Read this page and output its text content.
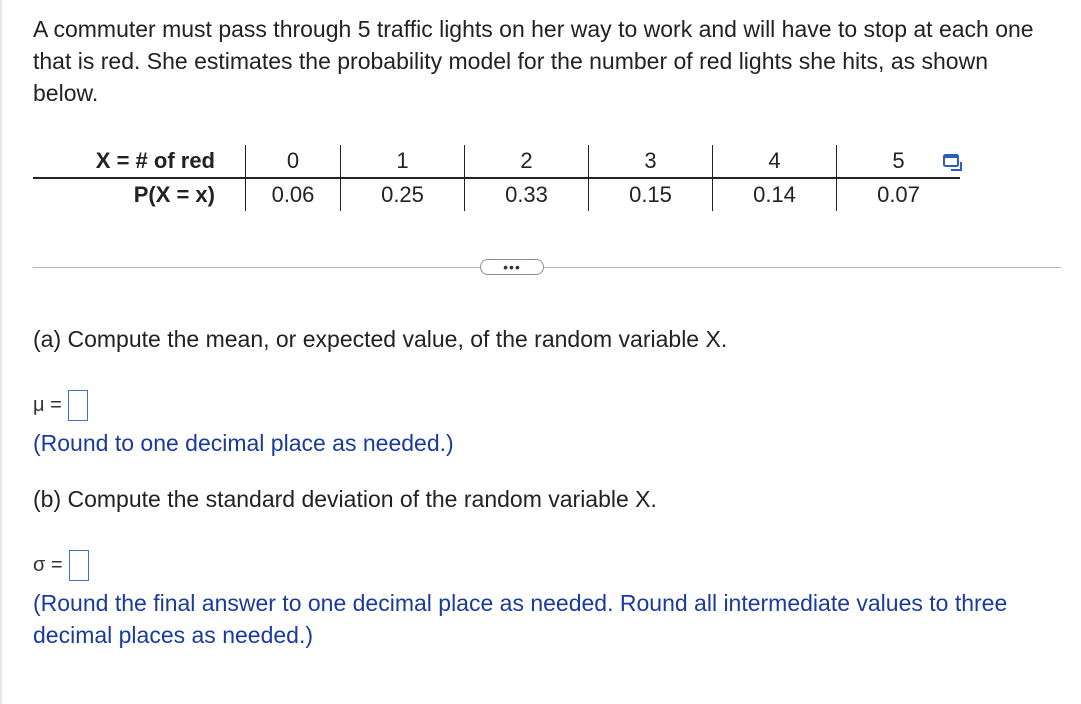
A commuter must pass through 5 traffic lights on her way to work and will have to stop at each one that is red. She estimates the probability model for the number of red lights she hits, as shown below.

X = # of red	0	1	2	3	4	5
P(X = x)	0.06	0.25	0.33	0.15	0.14	0.07
•••

(a) Compute the mean, or expected value, of the random variable X.

μ =

(Round to one decimal place as needed.)

(b) Compute the standard deviation of the random variable X.

σ =

(Round the final answer to one decimal place as needed. Round all intermediate values to three decimal places as needed.)
